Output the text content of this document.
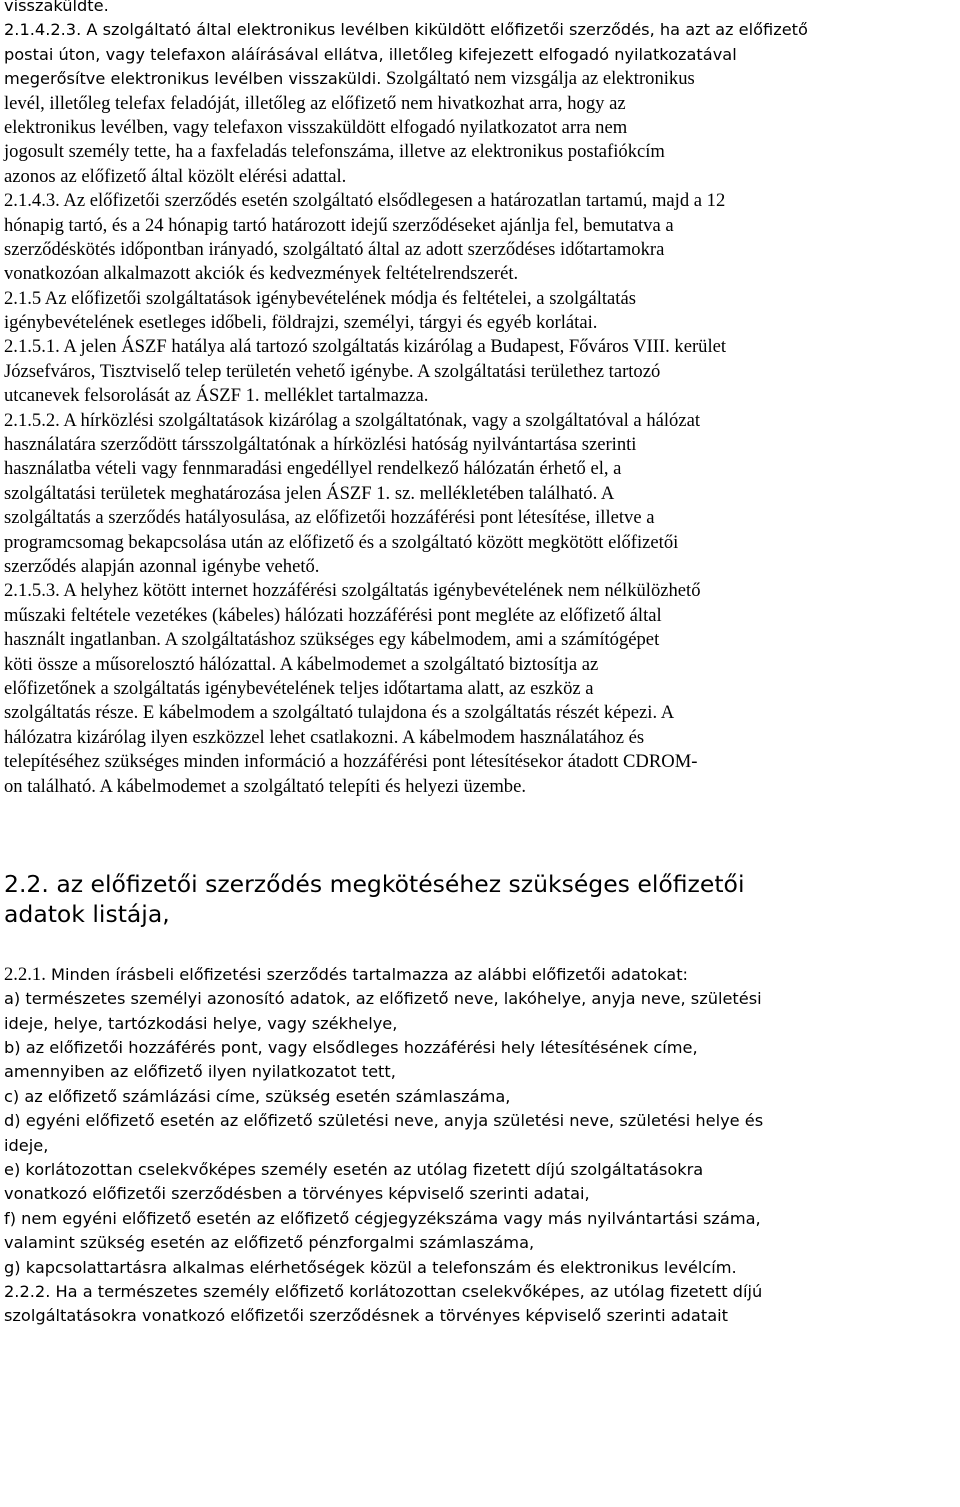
visszaküldte.

2.1.4.2.3. A szolgáltató által elektronikus levélben kiküldött előfizetői szerződés, ha azt az előfizető

postai úton, vagy telefaxon aláírásával ellátva, illetőleg kifejezett elfogadó nyilatkozatával

megerősítve elektronikus levélben visszaküldi. Szolgáltató nem vizsgálja az elektronikus

levél, illetőleg telefax feladóját, illetőleg az előfizető nem hivatkozhat arra, hogy az

elektronikus levélben, vagy telefaxon visszaküldött elfogadó nyilatkozatot arra nem

jogosult személy tette, ha a faxfeladás telefonszáma, illetve az elektronikus postafiókcím

azonos az előfizető által közölt elérési adattal.

2.1.4.3. Az előfizetői szerződés esetén szolgáltató elsődlegesen a határozatlan tartamú, majd a 12

hónapig tartó, és a 24 hónapig tartó határozott idejű szerződéseket ajánlja fel, bemutatva a

szerződéskötés időpontban irányadó, szolgáltató által az adott szerződéses időtartamokra

vonatkozóan alkalmazott akciók és kedvezmények feltételrendszerét.

2.1.5 Az előfizetői szolgáltatások igénybevételének módja és feltételei, a szolgáltatás

igénybevételének esetleges időbeli, földrajzi, személyi, tárgyi és egyéb korlátai.

2.1.5.1. A jelen ÁSZF hatálya alá tartozó szolgáltatás kizárólag a Budapest, Főváros VIII. kerület

Józsefváros, Tisztviselő telep területén vehető igénybe. A szolgáltatási területhez tartozó

utcanevek felsorolását az ÁSZF 1. melléklet tartalmazza.

2.1.5.2. A hírközlési szolgáltatások kizárólag a szolgáltatónak, vagy a szolgáltatóval a hálózat

használatára szerződött társszolgáltatónak a hírközlési hatóság nyilvántartása szerinti

használatba vételi vagy fennmaradási engedéllyel rendelkező hálózatán érhető el, a

szolgáltatási területek meghatározása jelen ÁSZF 1. sz. mellékletében található. A

szolgáltatás a szerződés hatályosulása, az előfizetői hozzáférési pont létesítése, illetve a

programcsomag bekapcsolása után az előfizető és a szolgáltató között megkötött előfizetői

szerződés alapján azonnal igénybe vehető.

2.1.5.3. A helyhez kötött internet hozzáférési szolgáltatás igénybevételének nem nélkülözhető

műszaki feltétele vezetékes (kábeles) hálózati hozzáférési pont megléte az előfizető által

használt ingatlanban. A szolgáltatáshoz szükséges egy kábelmodem, ami a számítógépet

köti össze a műsorelosztó hálózattal. A kábelmodemet a szolgáltató biztosítja az

előfizetőnek a szolgáltatás igénybevételének teljes időtartama alatt, az eszköz a

szolgáltatás része. E kábelmodem a szolgáltató tulajdona és a szolgáltatás részét képezi. A

hálózatra kizárólag ilyen eszközzel lehet csatlakozni. A kábelmodem használatához és

telepítéséhez szükséges minden információ a hozzáférési pont létesítésekor átadott CDROM-

on található. A kábelmodemet a szolgáltató telepíti és helyezi üzembe.

2.2. az előfizetői szerződés megkötéséhez szükséges előfizetői

adatok listája,

2.2.1. Minden írásbeli előfizetési szerződés tartalmazza az alábbi előfizetői adatokat:

a) természetes személyi azonosító adatok, az előfizető neve, lakóhelye, anyja neve, születési

ideje, helye, tartózkodási helye, vagy székhelye,

b) az előfizetői hozzáférés pont, vagy elsődleges hozzáférési hely létesítésének címe,

amennyiben az előfizető ilyen nyilatkozatot tett,

c) az előfizető számlázási címe, szükség esetén számlaszáma,

d) egyéni előfizető esetén az előfizető születési neve, anyja születési neve, születési helye és

ideje,

e) korlátozottan cselekvőképes személy esetén az utólag fizetett díjú szolgáltatásokra

vonatkozó előfizetői szerződésben a törvényes képviselő szerinti adatai,

f) nem egyéni előfizető esetén az előfizető cégjegyzékszáma vagy más nyilvántartási száma,

valamint szükség esetén az előfizető pénzforgalmi számlaszáma,

g) kapcsolattartásra alkalmas elérhetőségek közül a telefonszám és elektronikus levélcím.

2.2.2. Ha a természetes személy előfizető korlátozottan cselekvőképes, az utólag fizetett díjú

szolgáltatásokra vonatkozó előfizetői szerződésnek a törvényes képviselő szerinti adatait
